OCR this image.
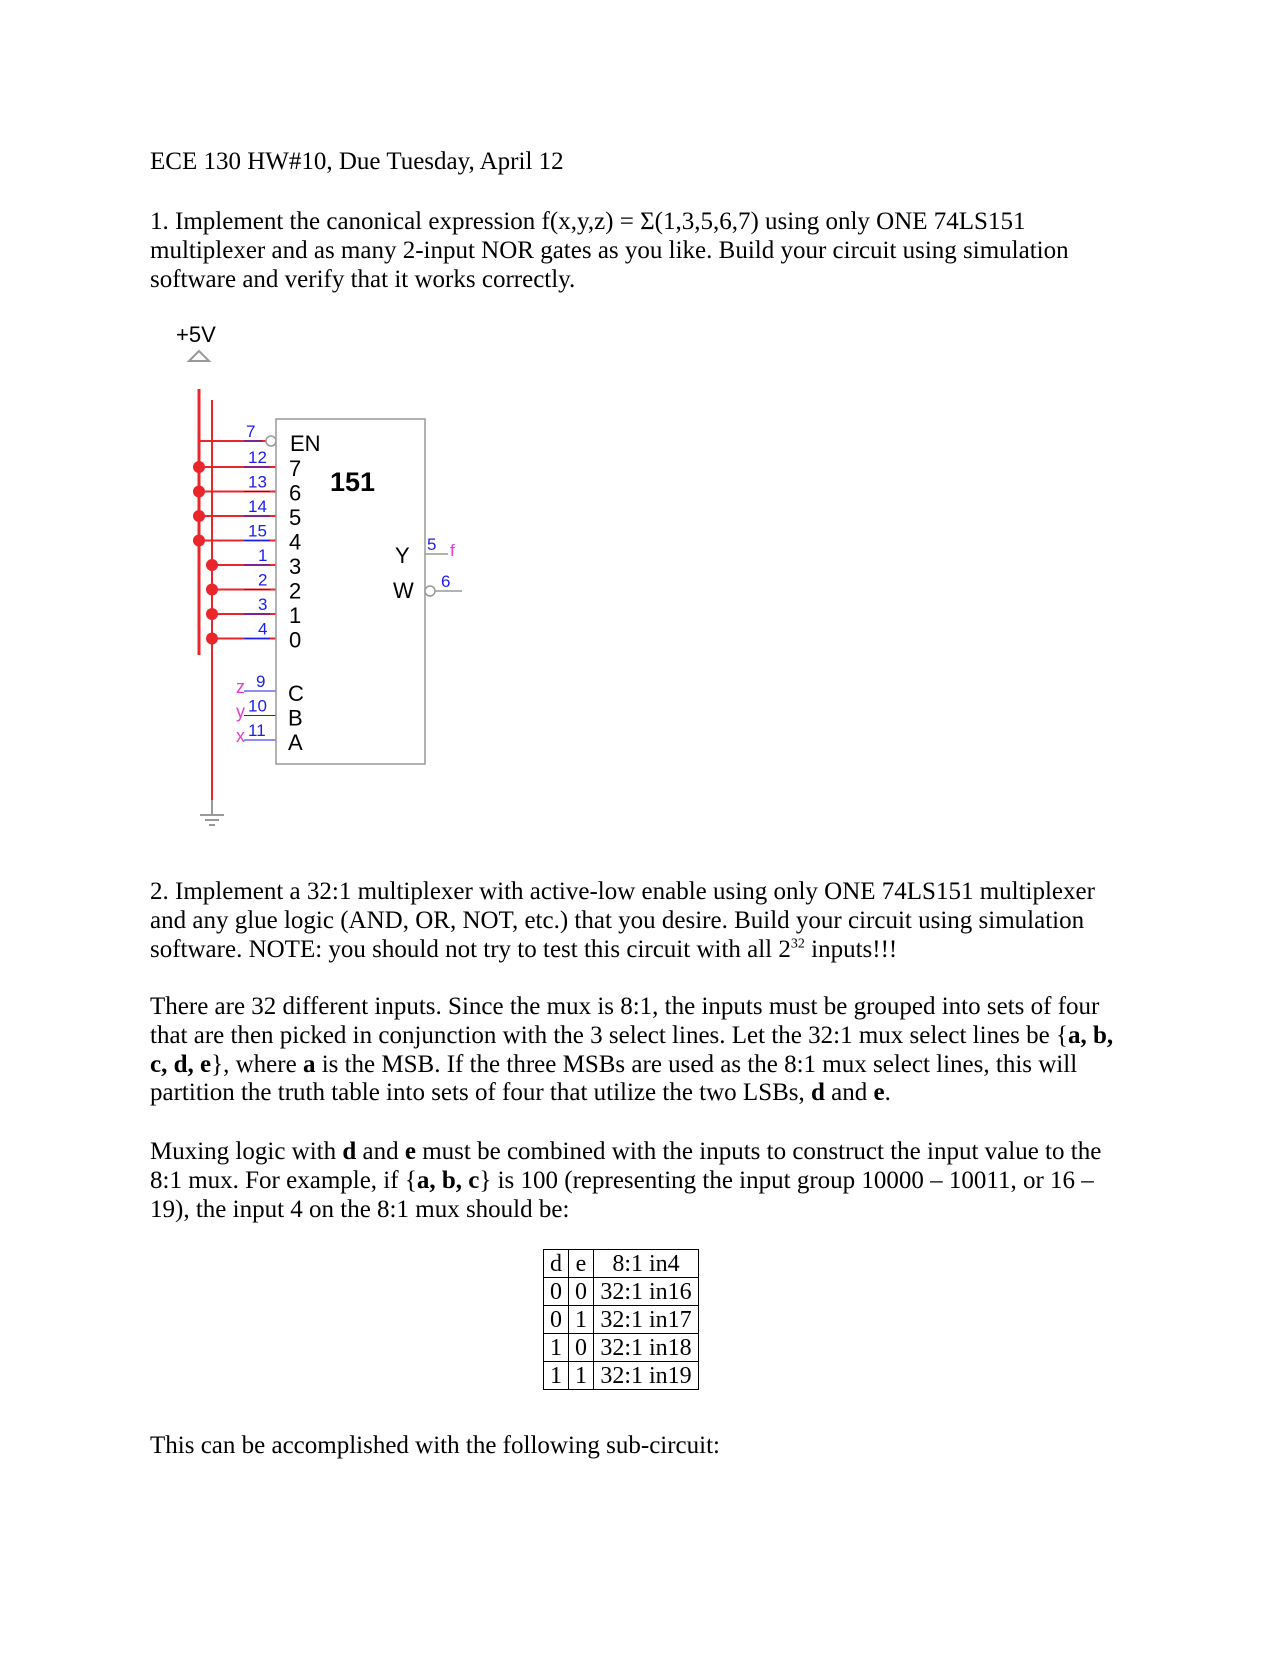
ECE 130 HW#10, Due Tuesday, April 12

1. Implement the canonical expression f(x,y,z) = Σ(1,3,5,6,7) using only ONE 74LS151 multiplexer and as many 2-input NOR gates as you like. Build your circuit using simulation software and verify that it works correctly.

+5V
7
12
13
14
15
1
2
3
4
9
z
10
y
11
x
EN
151
7
6
5
4
3
2
1
0
C
B
A
Y
W
5 f
6

2. Implement a 32:1 multiplexer with active-low enable using only ONE 74LS151 multiplexer and any glue logic (AND, OR, NOT, etc.) that you desire. Build your circuit using simulation software. NOTE: you should not try to test this circuit with all $2^{32}$ inputs!!!

There are 32 different inputs. Since the mux is 8:1, the inputs must be grouped into sets of four that are then picked in conjunction with the 3 select lines. Let the 32:1 mux select lines be {a, b, c, d, e}, where a is the MSB. If the three MSBs are used as the 8:1 mux select lines, this will partition the truth table into sets of four that utilize the two LSBs, d and e.

Muxing logic with d and e must be combined with the inputs to construct the input value to the 8:1 mux. For example, if {a, b, c} is 100 (representing the input group 10000 – 10011, or 16 – 19), the input 4 on the 8:1 mux should be:

d	e	8:1 in4
0	0	32:1 in16
0	1	32:1 in17
1	0	32:1 in18
1	1	32:1 in19

This can be accomplished with the following sub-circuit:
